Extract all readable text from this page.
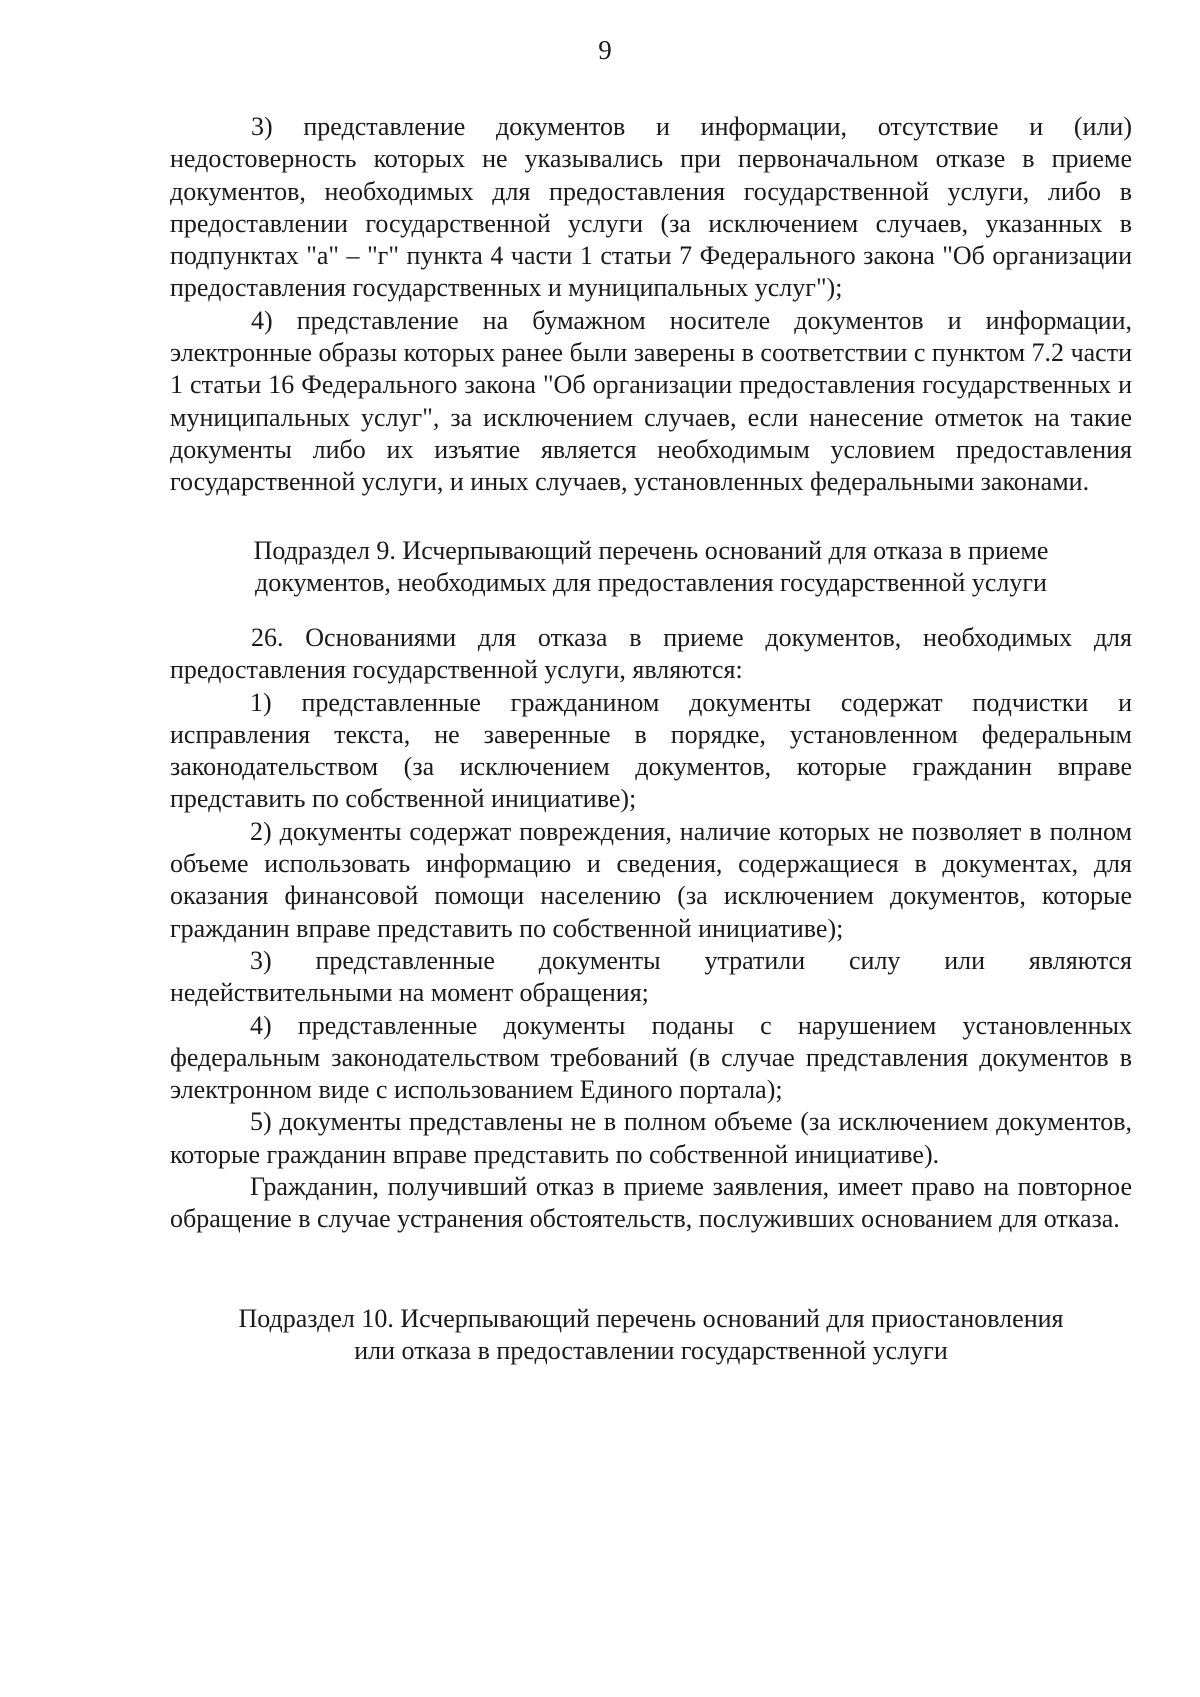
9

3) представление документов и информации, отсутствие и (или) недостоверность которых не указывались при первоначальном отказе в приеме документов, необходимых для предоставления государственной услуги, либо в предоставлении государственной услуги (за исключением случаев, указанных в подпунктах "а" – "г" пункта 4 части 1 статьи 7 Федерального закона "Об организации предоставления государственных и муниципальных услуг");

4) представление на бумажном носителе документов и информации, электронные образы которых ранее были заверены в соответствии с пунктом 7.2 части 1 статьи 16 Федерального закона "Об организации предоставления государственных и муниципальных услуг", за исключением случаев, если нанесение отметок на такие документы либо их изъятие является необходимым условием предоставления государственной услуги, и иных случаев, установленных федеральными законами.

Подраздел 9. Исчерпывающий перечень оснований для отказа в приеме
документов, необходимых для предоставления государственной услуги

26. Основаниями для отказа в приеме документов, необходимых для предоставления государственной услуги, являются:

1) представленные гражданином документы содержат подчистки и исправления текста, не заверенные в порядке, установленном федеральным законодательством (за исключением документов, которые гражданин вправе представить по собственной инициативе);

2) документы содержат повреждения, наличие которых не позволяет в полном объеме использовать информацию и сведения, содержащиеся в документах, для оказания финансовой помощи населению (за исключением документов, которые гражданин вправе представить по собственной инициативе);

3) представленные документы утратили силу или являются недействительными на момент обращения;

4) представленные документы поданы с нарушением установленных федеральным законодательством требований (в случае представления документов в электронном виде с использованием Единого портала);

5) документы представлены не в полном объеме (за исключением документов, которые гражданин вправе представить по собственной инициативе).

Гражданин, получивший отказ в приеме заявления, имеет право на повторное обращение в случае устранения обстоятельств, послуживших основанием для отказа.

Подраздел 10. Исчерпывающий перечень оснований для приостановления
или отказа в предоставлении государственной услуги
